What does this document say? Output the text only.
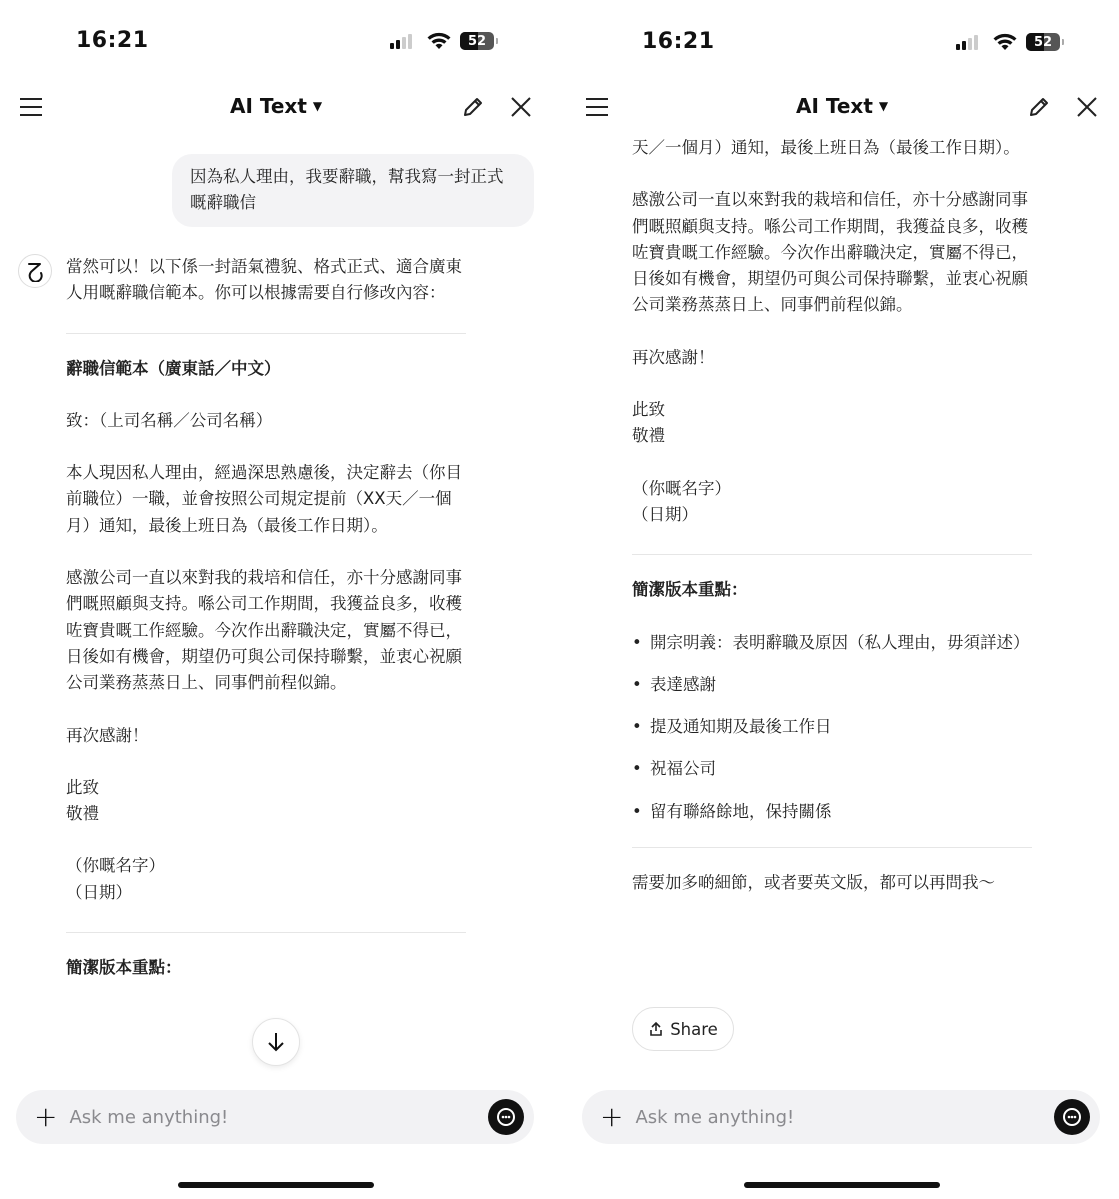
16:21	52
AI Text ▼
因為私人理由，我要辭職，幫我寫一封正式嘅辭職信

當然可以！以下係一封語氣禮貌、格式正式、適合廣東人用嘅辭職信範本。你可以根據需要自行修改內容：

辭職信範本（廣東話／中文）

致：（上司名稱／公司名稱）

本人現因私人理由，經過深思熟慮後，決定辭去（你目前職位）一職，並會按照公司規定提前（XX天／一個月）通知，最後上班日為（最後工作日期）。

感激公司一直以來對我的栽培和信任，亦十分感謝同事們嘅照顧與支持。喺公司工作期間，我獲益良多，收穫咗寶貴嘅工作經驗。今次作出辭職決定，實屬不得已，日後如有機會，期望仍可與公司保持聯繫，並衷心祝願公司業務蒸蒸日上、同事們前程似錦。

再次感謝！

此致
敬禮

（你嘅名字）
（日期）

簡潔版本重點：

+ Ask me anything!
16:21	52
AI Text ▼

天／一個月）通知，最後上班日為（最後工作日期）。

感激公司一直以來對我的栽培和信任，亦十分感謝同事們嘅照顧與支持。喺公司工作期間，我獲益良多，收穫咗寶貴嘅工作經驗。今次作出辭職決定，實屬不得已，日後如有機會，期望仍可與公司保持聯繫，並衷心祝願公司業務蒸蒸日上、同事們前程似錦。

再次感謝！

此致
敬禮

（你嘅名字）
（日期）

簡潔版本重點：

• 開宗明義：表明辭職及原因（私人理由，毋須詳述）
• 表達感謝
• 提及通知期及最後工作日
• 祝福公司
• 留有聯絡餘地，保持關係

需要加多啲細節，或者要英文版，都可以再問我～

+ Ask me anything!
Share
